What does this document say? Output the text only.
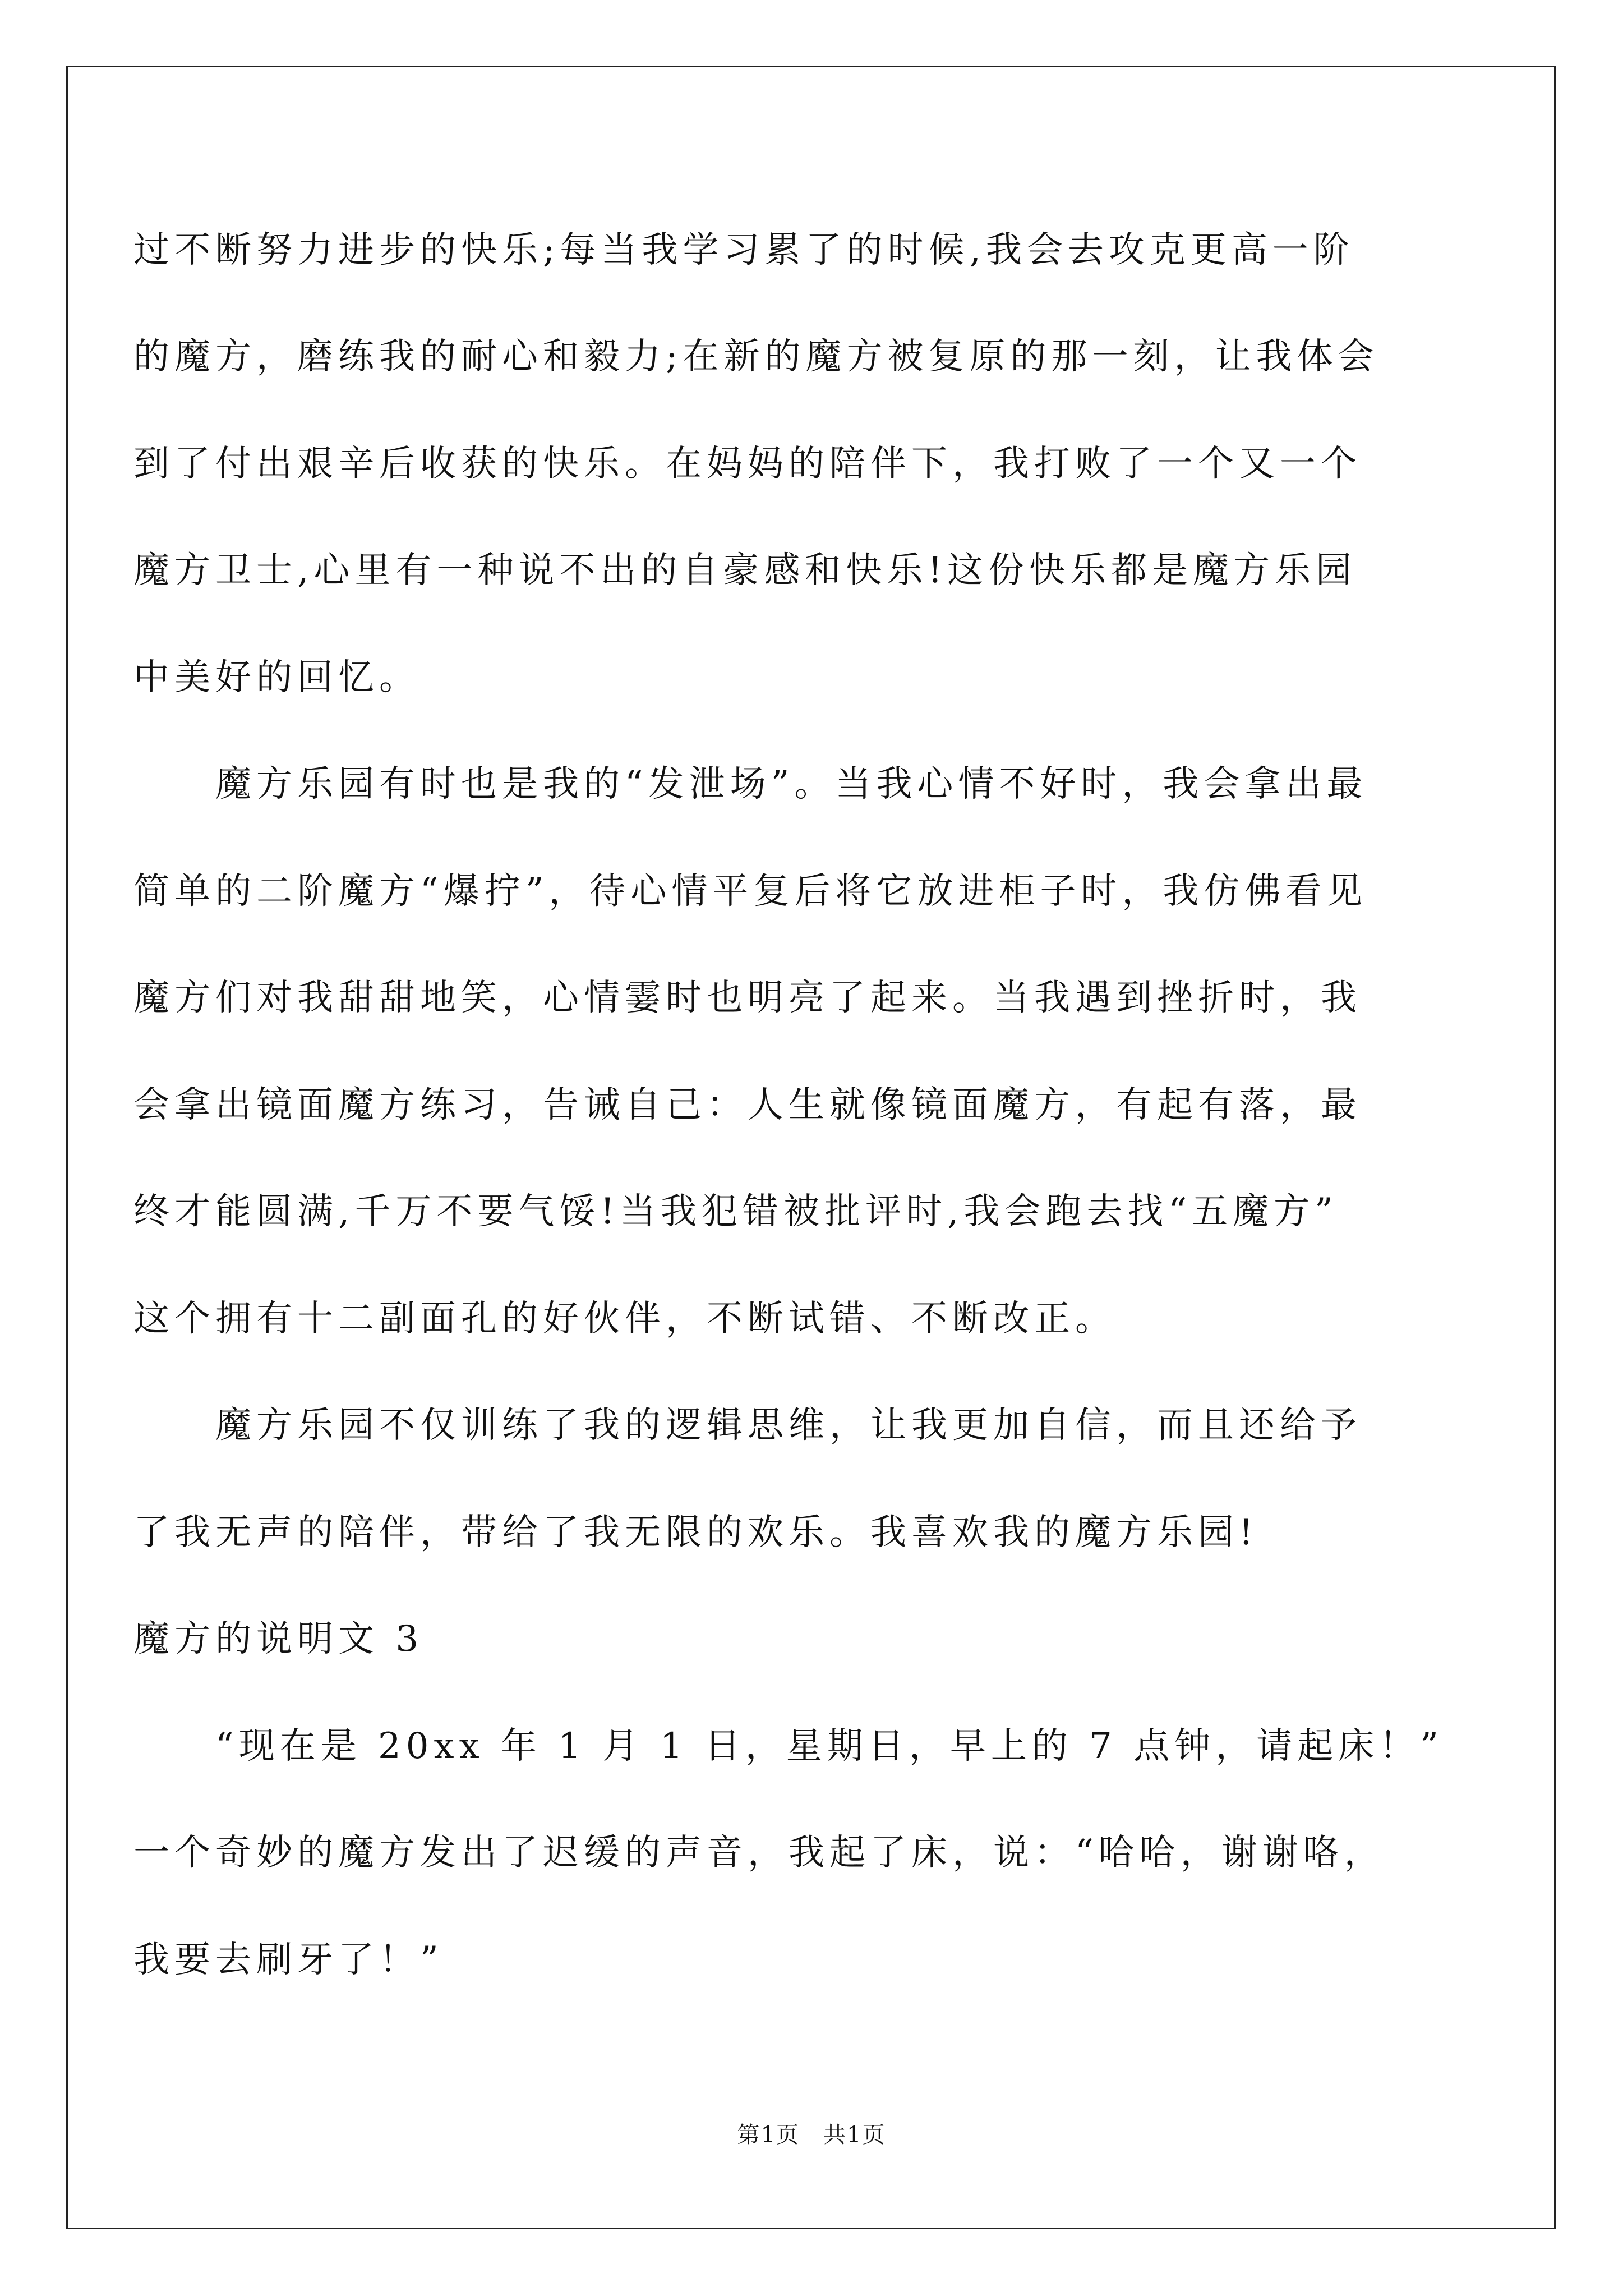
过不断努力进步的快乐;每当我学习累了的时候,我会去攻克更高一阶
的魔方，磨练我的耐心和毅力;在新的魔方被复原的那一刻，让我体会
到了付出艰辛后收获的快乐。在妈妈的陪伴下，我打败了一个又一个
魔方卫士,心里有一种说不出的自豪感和快乐!这份快乐都是魔方乐园
中美好的回忆。
　　魔方乐园有时也是我的“发泄场”。当我心情不好时，我会拿出最
简单的二阶魔方“爆拧”，待心情平复后将它放进柜子时，我仿佛看见
魔方们对我甜甜地笑，心情霎时也明亮了起来。当我遇到挫折时，我
会拿出镜面魔方练习，告诫自己：人生就像镜面魔方，有起有落，最
终才能圆满,千万不要气馁!当我犯错被批评时,我会跑去找“五魔方”
这个拥有十二副面孔的好伙伴，不断试错、不断改正。
　　魔方乐园不仅训练了我的逻辑思维，让我更加自信，而且还给予
了我无声的陪伴，带给了我无限的欢乐。我喜欢我的魔方乐园!
魔方的说明文 3
　　“现在是 20xx 年 1 月 1 日，星期日，早上的 7 点钟，请起床！”
一个奇妙的魔方发出了迟缓的声音，我起了床，说：“哈哈，谢谢咯，
我要去刷牙了！”
第1页　共1页
